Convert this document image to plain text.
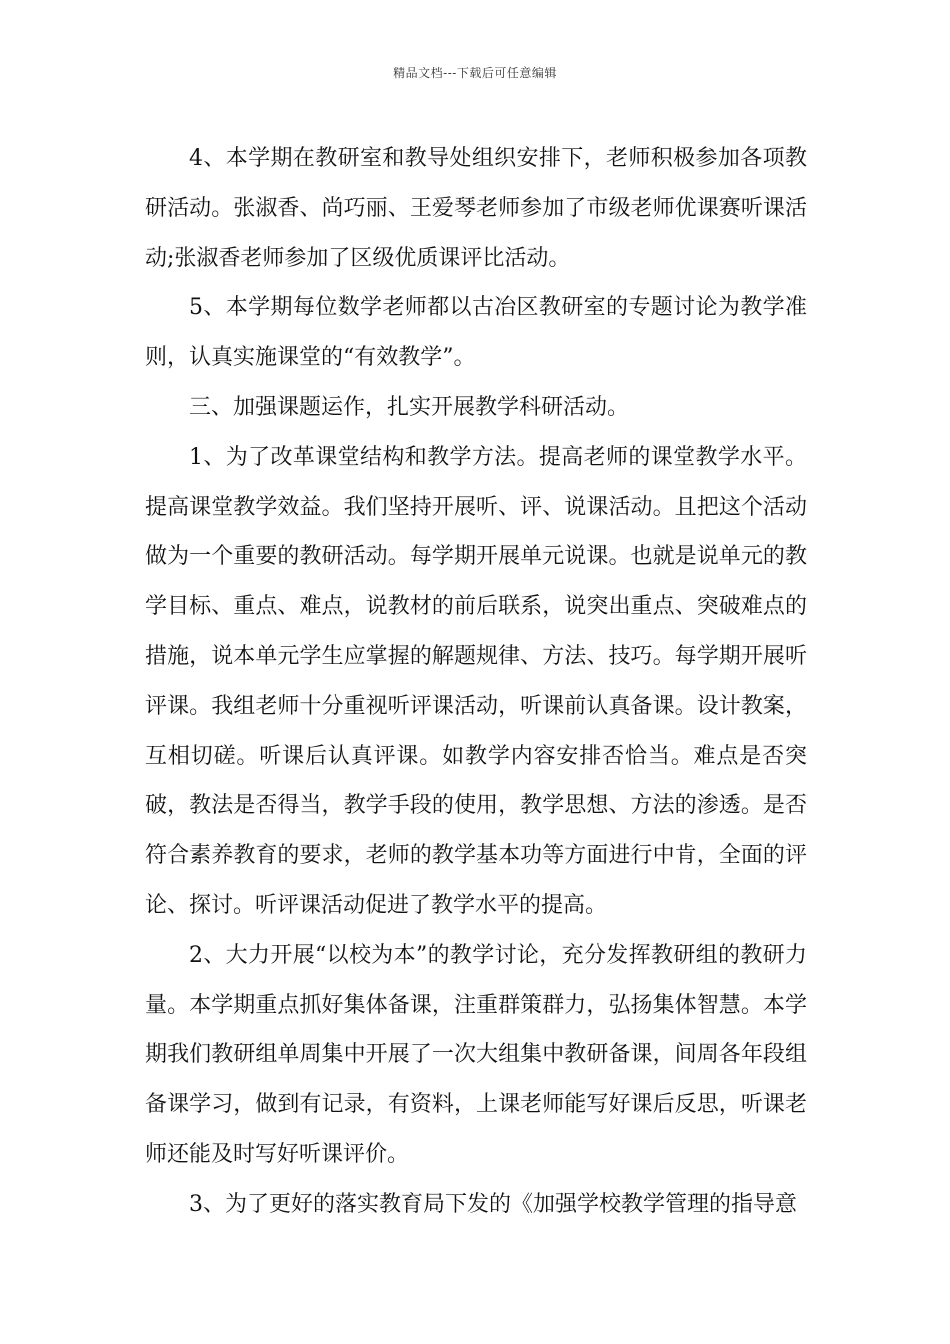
精品文档---下载后可任意编辑

4、本学期在教研室和教导处组织安排下，老师积极参加各项教研活动。张淑香、尚巧丽、王爱琴老师参加了市级老师优课赛听课活动;张淑香老师参加了区级优质课评比活动。

5、本学期每位数学老师都以古冶区教研室的专题讨论为教学准则，认真实施课堂的“有效教学”。

三、加强课题运作，扎实开展教学科研活动。

1、为了改革课堂结构和教学方法。提高老师的课堂教学水平。提高课堂教学效益。我们坚持开展听、评、说课活动。且把这个活动做为一个重要的教研活动。每学期开展单元说课。也就是说单元的教学目标、重点、难点，说教材的前后联系，说突出重点、突破难点的措施，说本单元学生应掌握的解题规律、方法、技巧。每学期开展听评课。我组老师十分重视听评课活动，听课前认真备课。设计教案，互相切磋。听课后认真评课。如教学内容安排否恰当。难点是否突破，教法是否得当，教学手段的使用，教学思想、方法的渗透。是否符合素养教育的要求，老师的教学基本功等方面进行中肯，全面的评论、探讨。听评课活动促进了教学水平的提高。

2、大力开展“以校为本”的教学讨论，充分发挥教研组的教研力量。本学期重点抓好集体备课，注重群策群力，弘扬集体智慧。本学期我们教研组单周集中开展了一次大组集中教研备课，间周各年段组备课学习，做到有记录，有资料，上课老师能写好课后反思，听课老师还能及时写好听课评价。

3、为了更好的落实教育局下发的《加强学校教学管理的指导意
